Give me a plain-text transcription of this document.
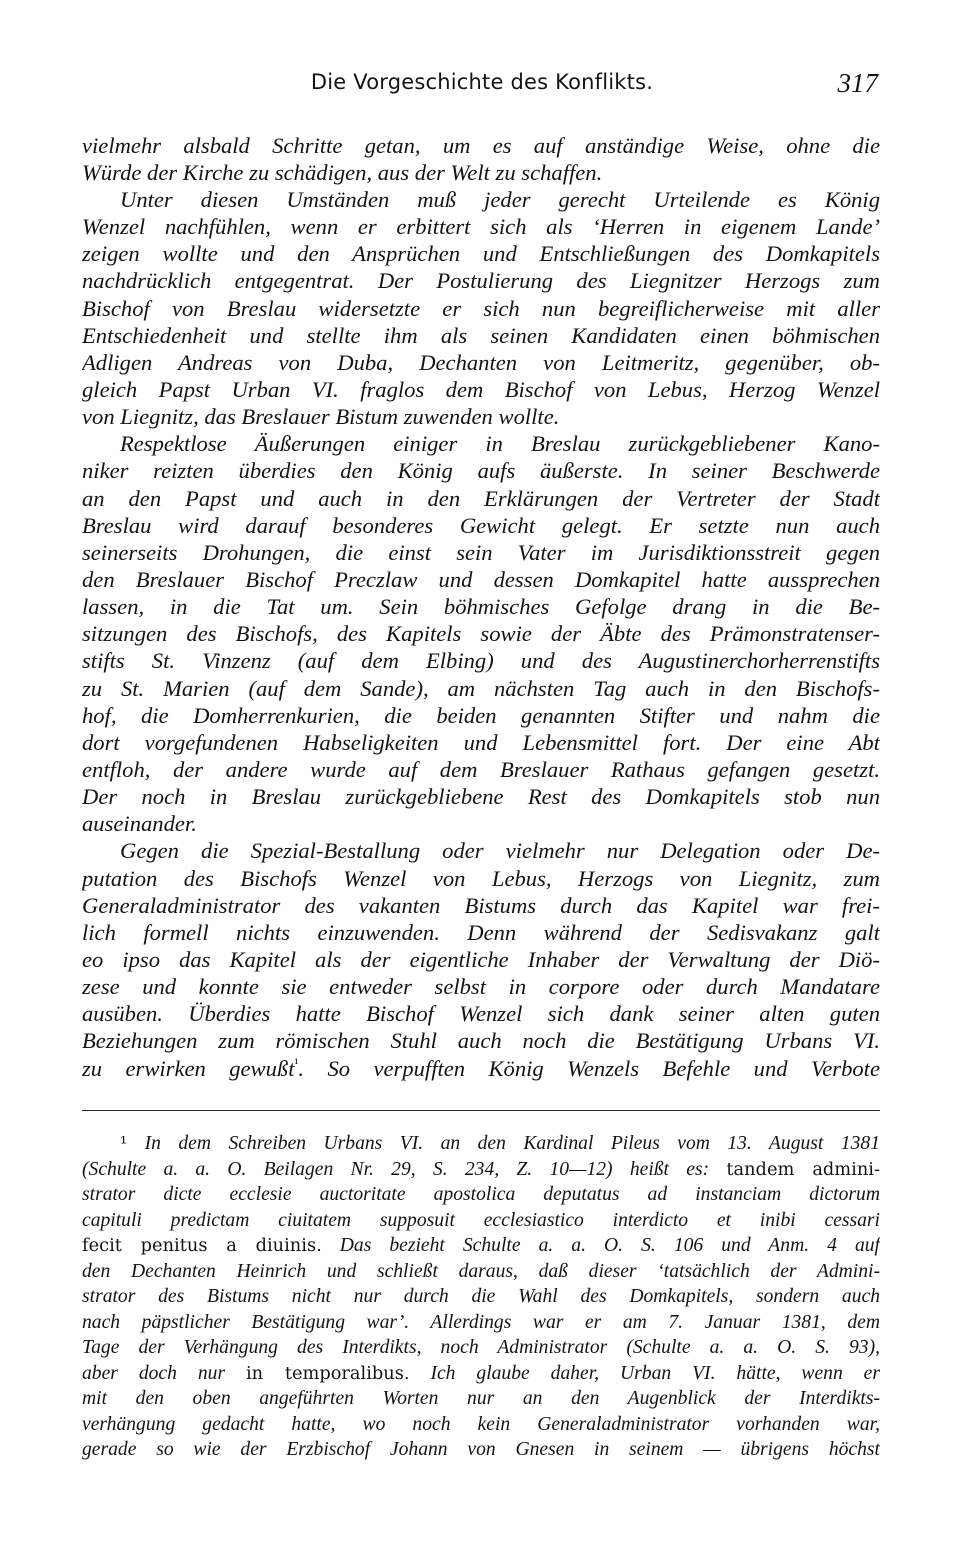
Die Vorgeschichte des Konflikts.	317
vielmehr alsbald Schritte getan, um es auf anständige Weise, ohne die
Würde der Kirche zu schädigen, aus der Welt zu schaffen.
Unter diesen Umständen muß jeder gerecht Urteilende es König
Wenzel nachfühlen, wenn er erbittert sich als ‘Herren in eigenem Lande’
zeigen wollte und den Ansprüchen und Entschließungen des Domkapitels
nachdrücklich entgegentrat. Der Postulierung des Liegnitzer Herzogs zum
Bischof von Breslau widersetzte er sich nun begreiflicherweise mit aller
Entschiedenheit und stellte ihm als seinen Kandidaten einen böhmischen
Adligen Andreas von Duba, Dechanten von Leitmeritz, gegenüber, ob-
gleich Papst Urban VI. fraglos dem Bischof von Lebus, Herzog Wenzel
von Liegnitz, das Breslauer Bistum zuwenden wollte.
Respektlose Äußerungen einiger in Breslau zurückgebliebener Kano-
niker reizten überdies den König aufs äußerste. In seiner Beschwerde
an den Papst und auch in den Erklärungen der Vertreter der Stadt
Breslau wird darauf besonderes Gewicht gelegt. Er setzte nun auch
seinerseits Drohungen, die einst sein Vater im Jurisdiktionsstreit gegen
den Breslauer Bischof Preczlaw und dessen Domkapitel hatte aussprechen
lassen, in die Tat um. Sein böhmisches Gefolge drang in die Be-
sitzungen des Bischofs, des Kapitels sowie der Äbte des Prämonstratenser-
stifts St. Vinzenz (auf dem Elbing) und des Augustinerchorherrenstifts
zu St. Marien (auf dem Sande), am nächsten Tag auch in den Bischofs-
hof, die Domherrenkurien, die beiden genannten Stifter und nahm die
dort vorgefundenen Habseligkeiten und Lebensmittel fort. Der eine Abt
entfloh, der andere wurde auf dem Breslauer Rathaus gefangen gesetzt.
Der noch in Breslau zurückgebliebene Rest des Domkapitels stob nun
auseinander.
Gegen die Spezial-Bestallung oder vielmehr nur Delegation oder De-
putation des Bischofs Wenzel von Lebus, Herzogs von Liegnitz, zum
Generaladministrator des vakanten Bistums durch das Kapitel war frei-
lich formell nichts einzuwenden. Denn während der Sedisvakanz galt
eo ipso das Kapitel als der eigentliche Inhaber der Verwaltung der Diö-
zese und konnte sie entweder selbst in corpore oder durch Mandatare
ausüben. Überdies hatte Bischof Wenzel sich dank seiner alten guten
Beziehungen zum römischen Stuhl auch noch die Bestätigung Urbans VI.
zu erwirken gewußt$^{^1}$. So verpufften König Wenzels Befehle und Verbote
¹ In dem Schreiben Urbans VI. an den Kardinal Pileus vom 13. August 1381
(Schulte a. a. O. Beilagen Nr. 29, S. 234, Z. 10—12) heißt es: tandem admini-
strator dicte ecclesie auctoritate apostolica deputatus ad instanciam dictorum
capituli predictam ciuitatem supposuit ecclesiastico interdicto et inibi cessari
fecit penitus a diuinis. Das bezieht Schulte a. a. O. S. 106 und Anm. 4 auf
den Dechanten Heinrich und schließt daraus, daß dieser ‘tatsächlich der Admini-
strator des Bistums nicht nur durch die Wahl des Domkapitels, sondern auch
nach päpstlicher Bestätigung war’. Allerdings war er am 7. Januar 1381, dem
Tage der Verhängung des Interdikts, noch Administrator (Schulte a. a. O. S. 93),
aber doch nur in temporalibus. Ich glaube daher, Urban VI. hätte, wenn er
mit den oben angeführten Worten nur an den Augenblick der Interdikts-
verhängung gedacht hatte, wo noch kein Generaladministrator vorhanden war,
gerade so wie der Erzbischof Johann von Gnesen in seinem — übrigens höchst
